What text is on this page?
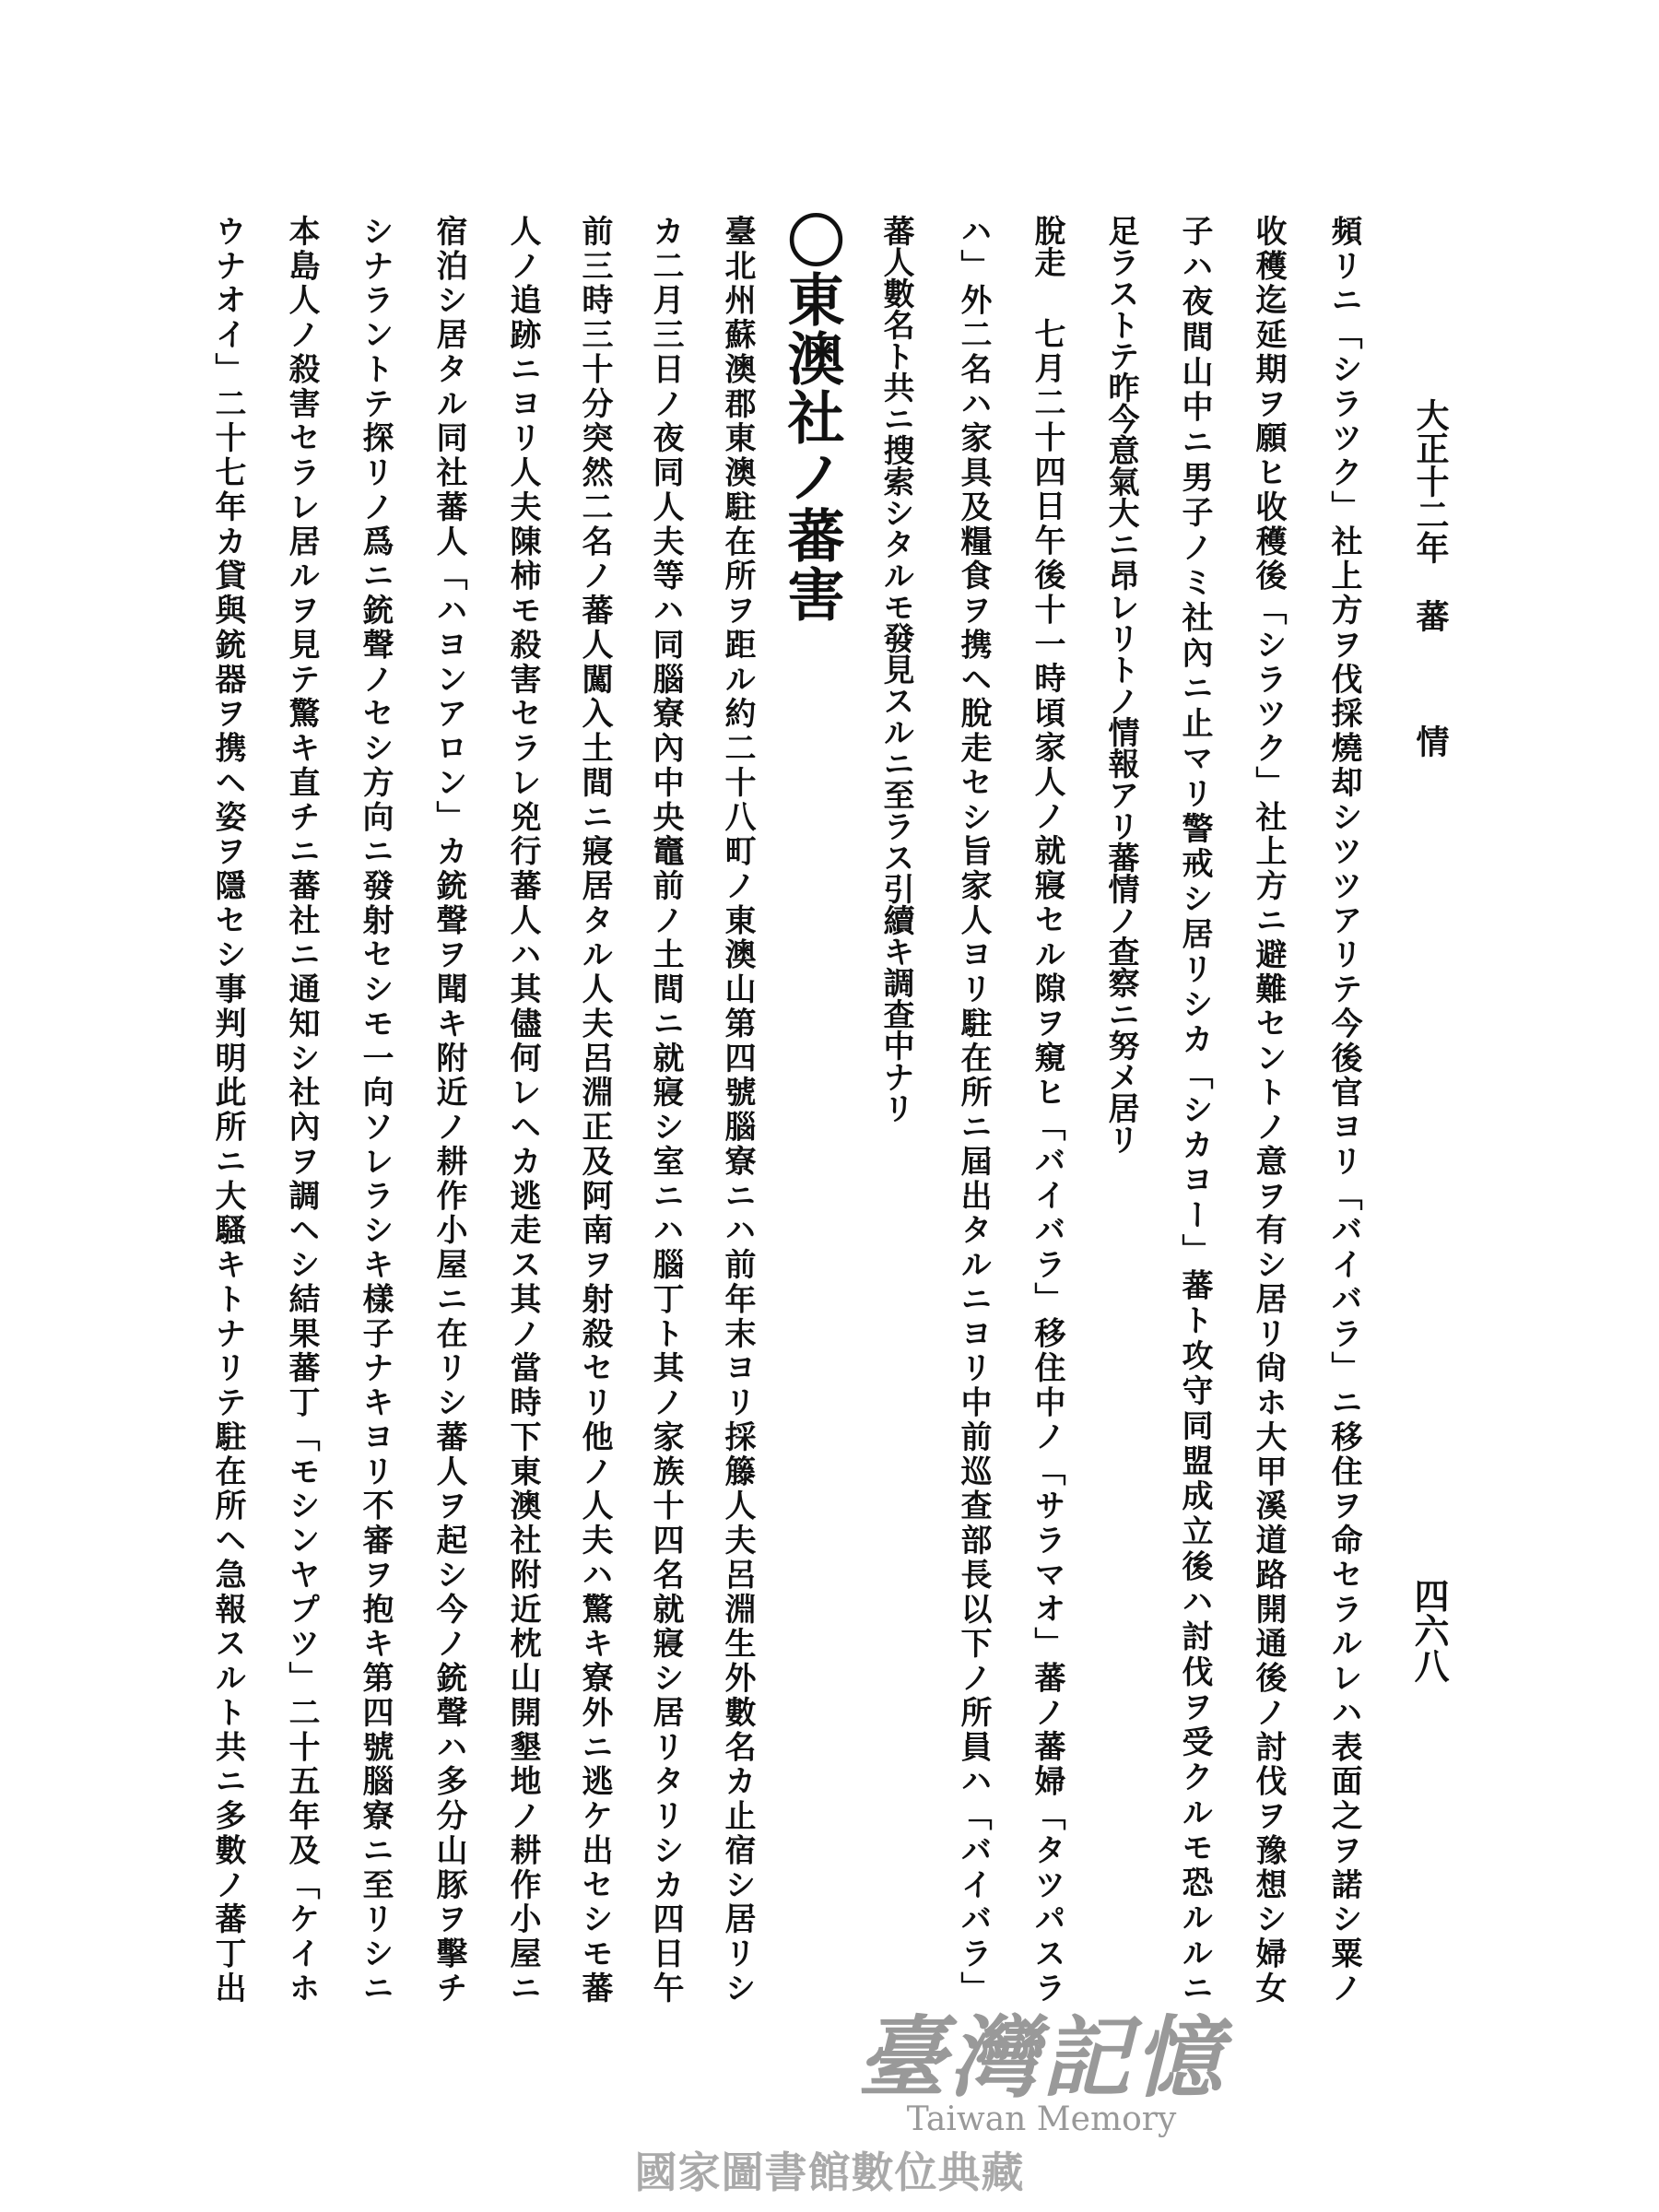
大正十二年蕃情
四六八
頻リニ「シラツク」社上方ヲ伐採燒却シツツアリテ今後官ヨリ「バイバラ」ニ移住ヲ命セラルレハ表面之ヲ諾シ粟ノ
收穫迄延期ヲ願ヒ收穫後「シラツク」社上方ニ避難セントノ意ヲ有シ居リ尙ホ大甲溪道路開通後ノ討伐ヲ豫想シ婦女
子ハ夜間山中ニ男子ノミ社內ニ止マリ警戒シ居リシカ「シカヨー」蕃ト攻守同盟成立後ハ討伐ヲ受クルモ恐ルルニ
足ラストテ昨今意氣大ニ昂レリトノ情報アリ蕃情ノ查察ニ努メ居リ
脫走七月二十四日午後十一時頃家人ノ就寢セル隙ヲ窺ヒ「バイバラ」移住中ノ「サラマオ」蕃ノ蕃婦「タツパスラ
ハ」外二名ハ家具及糧食ヲ携ヘ脫走セシ旨家人ヨリ駐在所ニ屆出タルニヨリ中前巡查部長以下ノ所員ハ「バイバラ」
蕃人數名ト共ニ搜索シタルモ發見スルニ至ラス引續キ調查中ナリ
〇東澳社ノ蕃害
臺北州蘇澳郡東澳駐在所ヲ距ル約二十八町ノ東澳山第四號腦寮ニハ前年末ヨリ採籐人夫呂淵生外數名カ止宿シ居リシ
カ二月三日ノ夜同人夫等ハ同腦寮內中央竈前ノ土間ニ就寢シ室ニハ腦丁ト其ノ家族十四名就寢シ居リタリシカ四日午
前三時三十分突然二名ノ蕃人闖入土間ニ寢居タル人夫呂淵正及阿南ヲ射殺セリ他ノ人夫ハ驚キ寮外ニ逃ケ出セシモ蕃
人ノ追跡ニヨリ人夫陳柿モ殺害セラレ兇行蕃人ハ其儘何レヘカ逃走ス其ノ當時下東澳社附近枕山開墾地ノ耕作小屋ニ
宿泊シ居タル同社蕃人「ハヨンアロン」カ銃聲ヲ聞キ附近ノ耕作小屋ニ在リシ蕃人ヲ起シ今ノ銃聲ハ多分山豚ヲ擊チ
シナラントテ探リノ爲ニ銃聲ノセシ方向ニ發射セシモ一向ソレラシキ樣子ナキヨリ不審ヲ抱キ第四號腦寮ニ至リシニ
本島人ノ殺害セラレ居ルヲ見テ驚キ直チニ蕃社ニ通知シ社內ヲ調ヘシ結果蕃丁「モシンヤプツ」二十五年及「ケイホ
ウナオイ」二十七年カ貸與銃器ヲ携ヘ姿ヲ隱セシ事判明此所ニ大騷キトナリテ駐在所ヘ急報スルト共ニ多數ノ蕃丁出
臺灣記憶
Taiwan Memory
國家圖書館數位典藏
